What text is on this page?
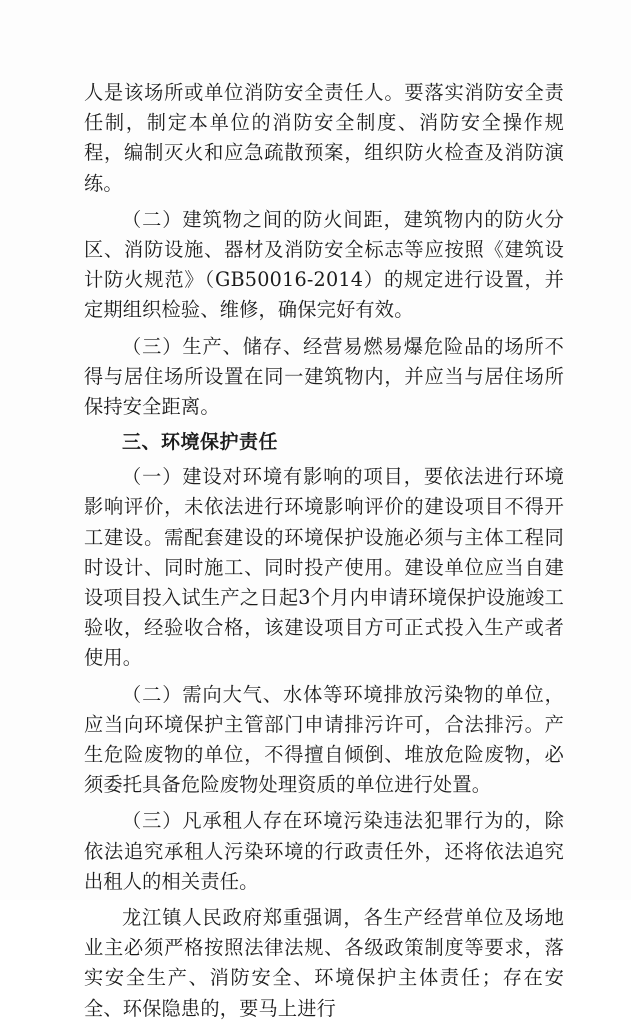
人是该场所或单位消防安全责任人。要落实消防安全责任制，制定本单位的消防安全制度、消防安全操作规程，编制灭火和应急疏散预案，组织防火检查及消防演练。

（二）建筑物之间的防火间距，建筑物内的防火分区、消防设施、器材及消防安全标志等应按照《建筑设计防火规范》（GB50016-2014）的规定进行设置，并定期组织检验、维修，确保完好有效。

（三）生产、储存、经营易燃易爆危险品的场所不得与居住场所设置在同一建筑物内，并应当与居住场所保持安全距离。

三、环境保护责任

（一）建设对环境有影响的项目，要依法进行环境影响评价，未依法进行环境影响评价的建设项目不得开工建设。需配套建设的环境保护设施必须与主体工程同时设计、同时施工、同时投产使用。建设单位应当自建设项目投入试生产之日起3个月内申请环境保护设施竣工验收，经验收合格，该建设项目方可正式投入生产或者使用。

（二）需向大气、水体等环境排放污染物的单位，应当向环境保护主管部门申请排污许可，合法排污。产生危险废物的单位，不得擅自倾倒、堆放危险废物，必须委托具备危险废物处理资质的单位进行处置。

（三）凡承租人存在环境污染违法犯罪行为的，除依法追究承租人污染环境的行政责任外，还将依法追究出租人的相关责任。

龙江镇人民政府郑重强调，各生产经营单位及场地业主必须严格按照法律法规、各级政策制度等要求，落实安全生产、消防安全、环境保护主体责任；存在安全、环保隐患的，要马上进行
